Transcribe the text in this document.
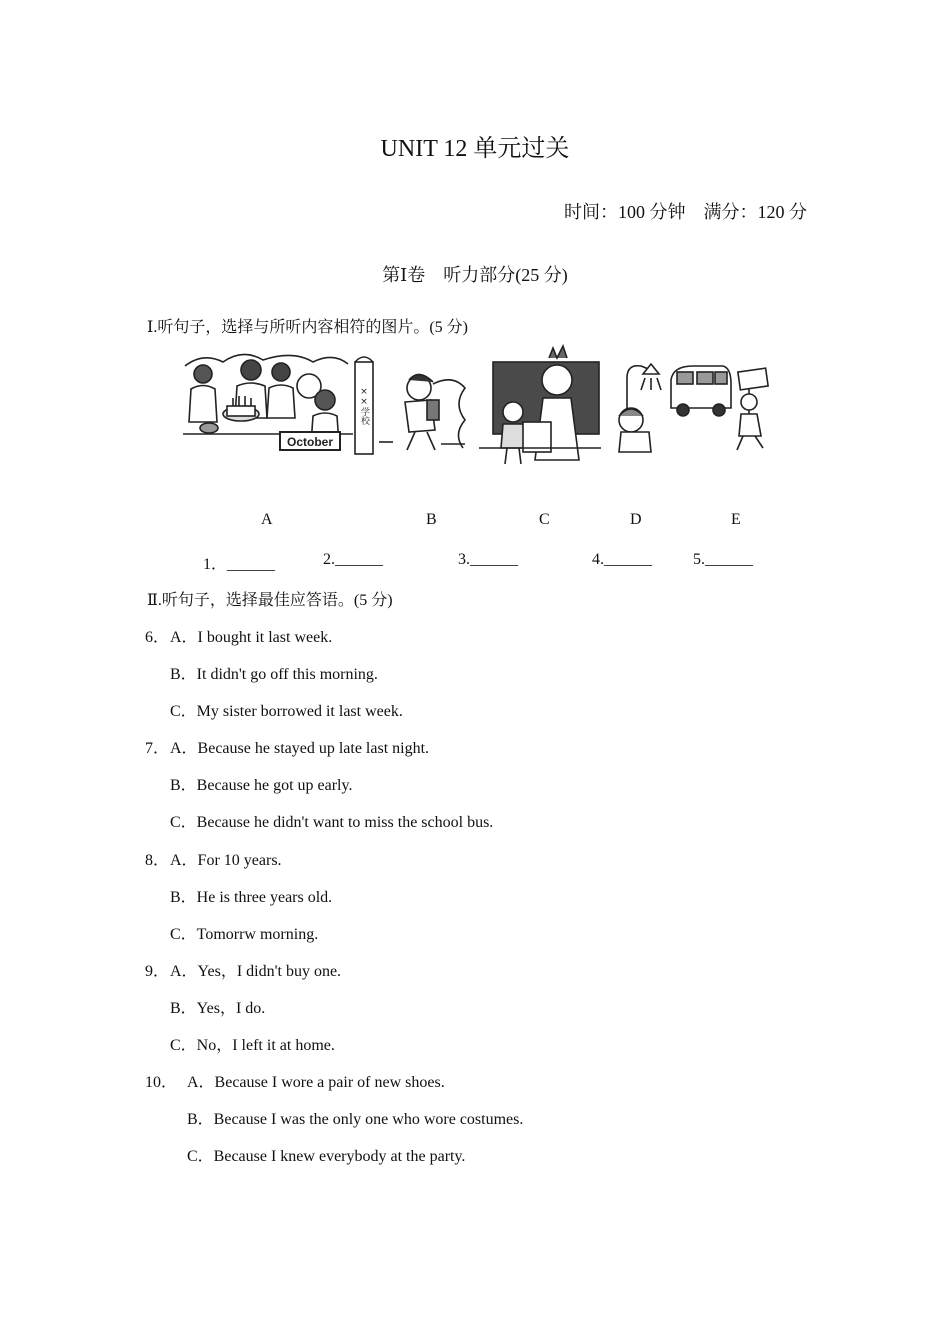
UNIT 12 单元过关
时间：100 分钟　满分：120 分
第Ⅰ卷　听力部分(25 分)
Ⅰ.听句子，选择与所听内容相符的图片。(5 分)
October
××学校
A	B	C	D	E
1．______	2.______	3.______	4.______	5.______
Ⅱ.听句子，选择最佳应答语。(5 分)
6． A．I bought it last week.
B．It didn't go off this morning.
C．My sister borrowed it last week.
7． A．Because he stayed up late last night.
B．Because he got up early.
C．Because he didn't want to miss the school bus.
8． A．For 10 years.
B．He is three years old.
C．Tomorrw morning.
9． A．Yes，I didn't buy one.
B．Yes，I do.
C．No，I left it at home.
10． A．Because I wore a pair of new shoes.
B．Because I was the only one who wore costumes.
C．Because I knew everybody at the party.
